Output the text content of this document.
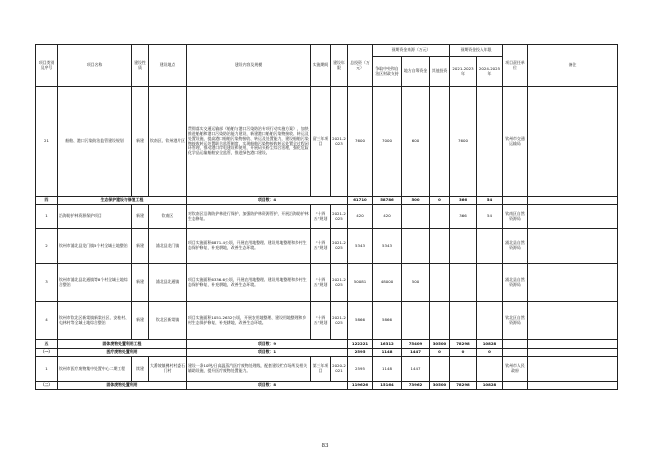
项目类别及序号	项目名称	建设性质	建设地点	建设内容及规模	实施期间	建设年限	总投资（万元）	预期资金来源（万元）			预期资金投入年限		项目责任单位	备注
								争取中央和自治区财政支持	地方自筹资金	其他投资	2021-2023年	2024-2025年		
21	船舶、港口污染防治监管建设规划	新建	钦南区、钦州港片区	贯彻落实交通运输部《船舶与港口污染防治专项行动实施方案》，加快推进船舶和港口污染防治能力建设，新建港口船舶污染物接收、转运及处置设施，提高港口船舶污染物接收、转运及处置能力，建设船舶污染物接收转运处置联合监管制度，实现船舶污染物接收转运处置全过程闭环管理，推动港口岸电建设和使用，开展码头粉尘综合治理，强化危险化学品运输船舶安全监管，推进绿色港口建设。	留三年项目	2021-2023	7600	7000	600		7600		钦州市交通运输局	
四	生态保护建设与修复工程			项目数：4			61710	58786	500	0	366	54		
1	沿海防护林资源保护项目	新建	钦南区	对钦南区沿海防护林进行保护，加强防护林资源管护，开展沿海防护林生态修复。	“十四五”规划	2021-2025	420	420			366	54	钦南区自然资源局	
2	钦州市浦北县龙门镇5个村全域土地整治	新建	浦北县龙门镇	项目实施面积6871.4公顷，开展农用地整理、建设用地整理和乡村生态保护修复，补充耕地，改善生态环境。	“十四五”规划	2021-2025	5343	5343					浦北县自然资源局	
3	钦州市浦北县北通镇等8个村全域土地综合整治	新建	浦北县北通镇	项目实施面积6336.6公顷，开展农用地整理、建设用地整理和乡村生态保护修复，补充耕地，改善生态环境。	“十四五”规划	2021-2025	50081	48000	500				浦北县自然资源局	
4	钦州市钦北区新棠镇新棠社区、安桂村、屯林村等全域土地综合整治	新建	钦北区新棠镇	项目实施面积1051.2632公顷，开展农用地整理、建设用地整理和乡村生态保护修复，补充耕地，改善生态环境。	“十四五”规划	2021-2025	5866	5866					钦北区自然资源局	
五	固体废物处置利用工程			项目数：9			122221	16312	75409	30500	78298	10828		
（一）	医疗废物处置利用			项目数：1			2595	1148	1447	0	0	0		
1	钦州市医疗废物集中处置中心二期工程	续建	大番坡镇佛村村委石门村	建设一条10吨/日高温蒸汽医疗废物处理线，配套建设贮存场所及相关辅助设施，提升医疗废物处置能力。	第三年项目	2020-2021	2595	1148	1447				钦州市人民政府	
（二）	固体废物处置利用			项目数：8			119626	15164	73962	30500	78298	10828		
83
